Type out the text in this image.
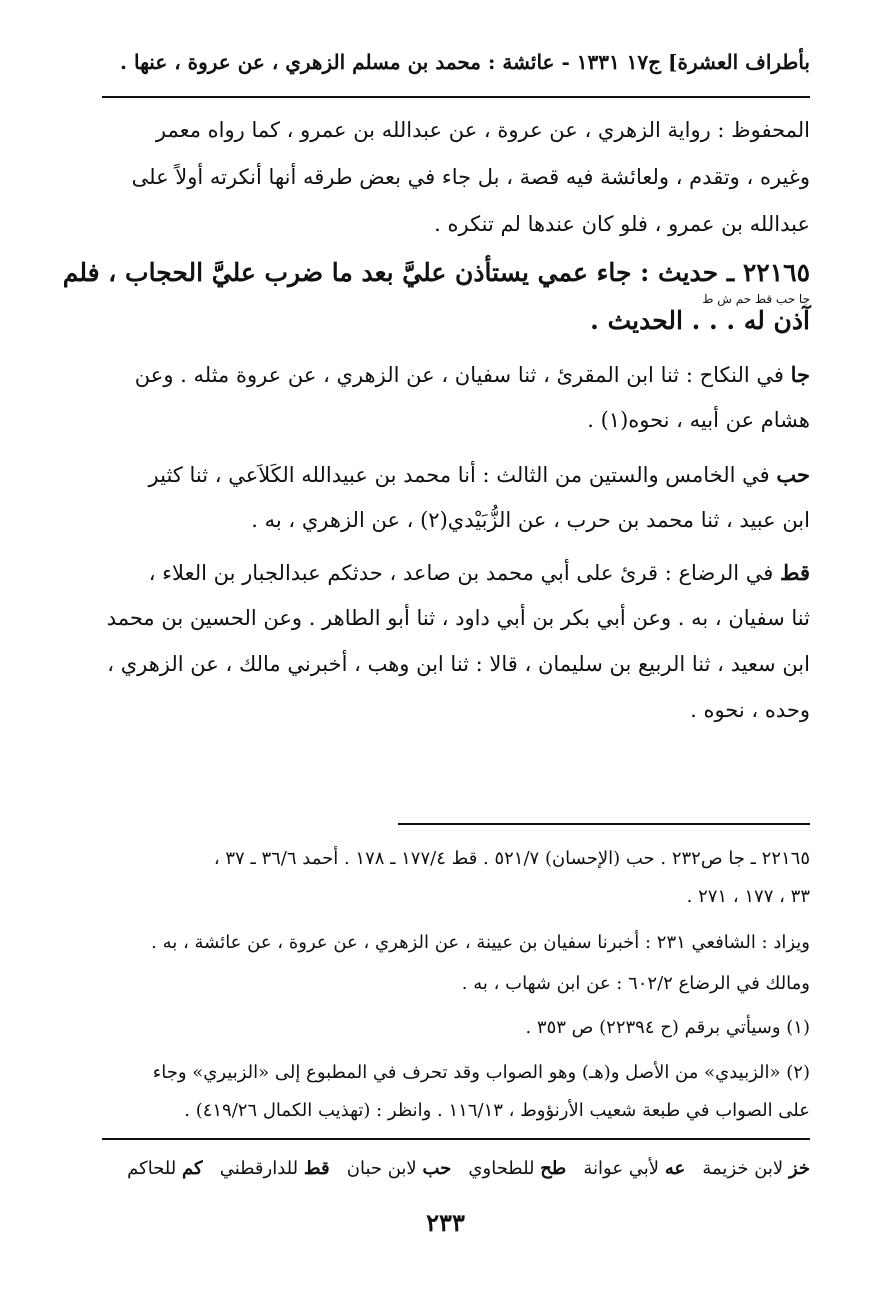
بأطراف العشرة] ج١٧ ١٣٣١ - عائشة : محمد بن مسلم الزهري ، عن عروة ، عنها .
المحفوظ : رواية الزهري ، عن عروة ، عن عبدالله بن عمرو ، كما رواه معمر
وغيره ، وتقدم ، ولعائشة فيه قصة ، بل جاء في بعض طرقه أنها أنكرته أولاً على
عبدالله بن عمرو ، فلو كان عندها لم تنكره .
٢٢١٦٥ ـ حديث : جاء عمي يستأذن عليَّ بعد ما ضرب عليَّ الحجاب ، فلم
جا حب قط حم ش ط
آذن له . . . الحديث .
جا في النكاح : ثنا ابن المقرئ ، ثنا سفيان ، عن الزهري ، عن عروة مثله . وعن
هشام عن أبيه ، نحوه(١) .
حب في الخامس والستين من الثالث : أنا محمد بن عبيدالله الكَلاَعي ، ثنا كثير
ابن عبيد ، ثنا محمد بن حرب ، عن الزُّبَيْدي(٢) ، عن الزهري ، به .
قط في الرضاع : قرئ على أبي محمد بن صاعد ، حدثكم عبدالجبار بن العلاء ،
ثنا سفيان ، به . وعن أبي بكر بن أبي داود ، ثنا أبو الطاهر . وعن الحسين بن محمد
ابن سعيد ، ثنا الربيع بن سليمان ، قالا : ثنا ابن وهب ، أخبرني مالك ، عن الزهري ،
وحده ، نحوه .
٢٢١٦٥ ـ جا ص٢٣٢ . حب (الإحسان) ٥٢١/٧ . قط ١٧٧/٤ ـ ١٧٨ . أحمد ٣٦/٦ ـ ٣٧ ،
٣٣ ، ١٧٧ ، ٢٧١ .
ويزاد : الشافعي ٢٣١ : أخبرنا سفيان بن عيينة ، عن الزهري ، عن عروة ، عن عائشة ، به .
ومالك في الرضاع ٦٠٢/٢ : عن ابن شهاب ، به .
(١) وسيأتي برقم (ح ٢٢٣٩٤) ص ٣٥٣ .
(٢) «الزبيدي» من الأصل و(هـ) وهو الصواب وقد تحرف في المطبوع إلى «الزبيري» وجاء
على الصواب في طبعة شعيب الأرنؤوط ، ١١٦/١٣ . وانظر : (تهذيب الكمال ٤١٩/٢٦) .
خز لابن خزيمة   عه لأبي عوانة   طح للطحاوي   حب لابن حبان   قط للدارقطني   كم للحاكم
٢٣٣
